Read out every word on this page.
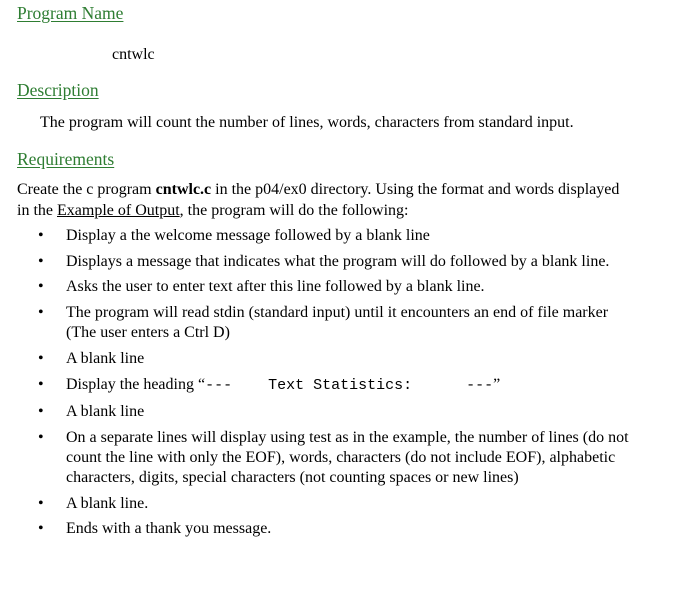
Program Name
cntwlc
Description
The program will count the number of lines, words, characters from standard input.
Requirements
Create the c program cntwlc.c in the p04/ex0 directory. Using the format and words displayed
in the Example of Output, the program will do the following:
• Display a the welcome message followed by a blank line
• Displays a message that indicates what the program will do followed by a blank line.
• Asks the user to enter text after this line followed by a blank line.
• The program will read stdin (standard input) until it encounters an end of file marker
(The user enters a Ctrl D)
• A blank line
• Display the heading “---    Text Statistics:      ---”
• A blank line
• On a separate lines will display using test as in the example, the number of lines (do not
count the line with only the EOF), words, characters (do not include EOF), alphabetic
characters, digits, special characters (not counting spaces or new lines)
• A blank line.
• Ends with a thank you message.
